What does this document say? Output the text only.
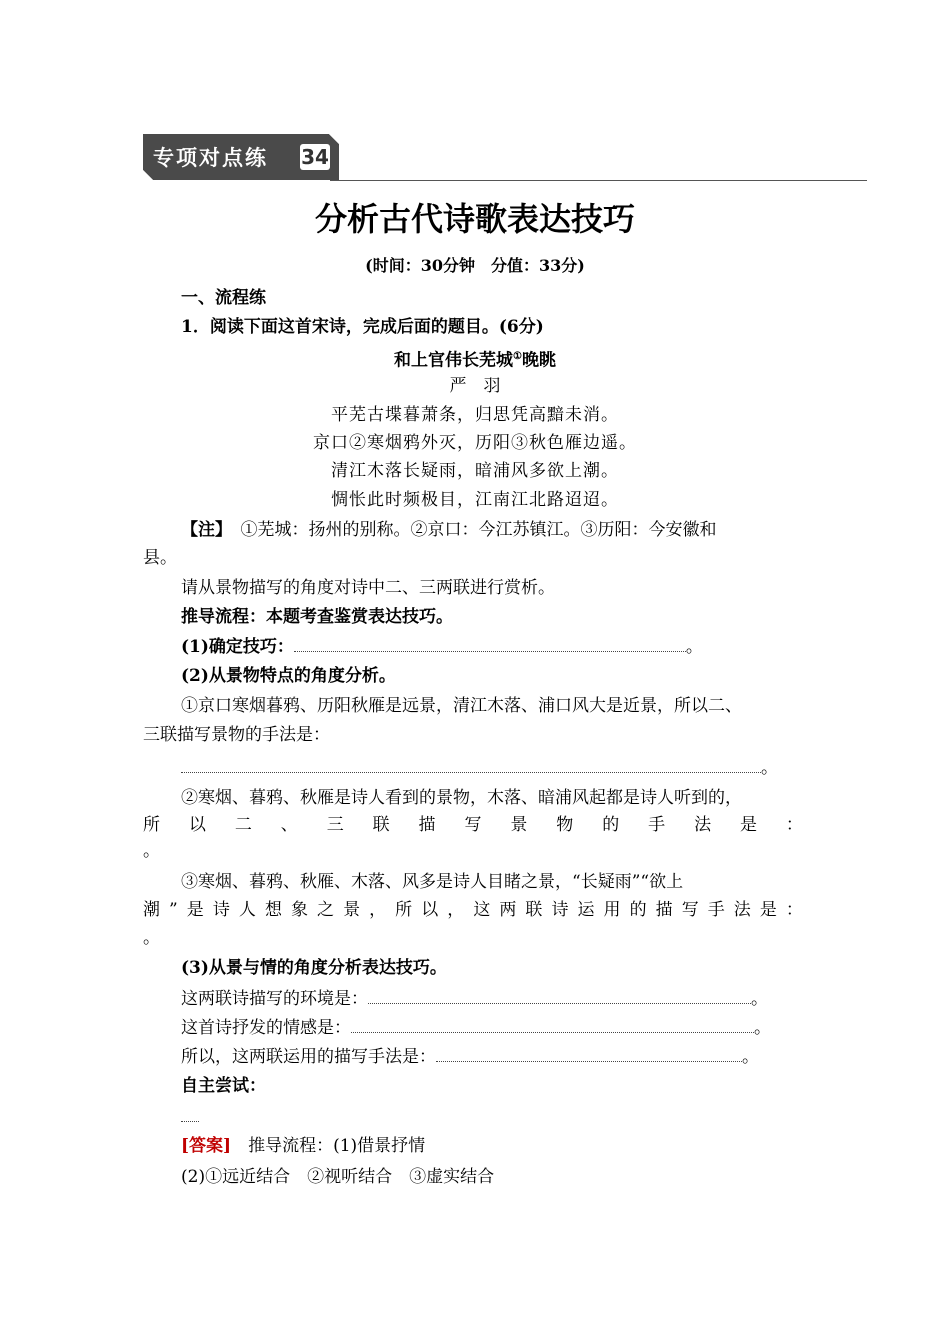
专项对点练 34
分析古代诗歌表达技巧
(时间：30分钟　分值：33分)
一、流程练
1．阅读下面这首宋诗，完成后面的题目。(6分)
和上官伟长芜城①晚眺
严　羽
平芜古堞暮萧条，归思凭高黯未消。
京口②寒烟鸦外灭，历阳③秋色雁边遥。
清江木落长疑雨，暗浦风多欲上潮。
惆怅此时频极目，江南江北路迢迢。
【注】　①芜城：扬州的别称。②京口：今江苏镇江。③历阳：今安徽和
县。
请从景物描写的角度对诗中二、三两联进行赏析。
推导流程：本题考查鉴赏表达技巧。
(1)确定技巧：	。
(2)从景物特点的角度分析。
①京口寒烟暮鸦、历阳秋雁是远景，清江木落、浦口风大是近景，所以二、
三联描写景物的手法是：
。
②寒烟、暮鸦、秋雁是诗人看到的景物，木落、暗浦风起都是诗人听到的，
所 以 二 、 三 联 描 写 景 物 的 手 法 是 ：
。
③寒烟、暮鸦、秋雁、木落、风多是诗人目睹之景，“长疑雨”“欲上
潮 ” 是 诗 人 想 象 之 景 ， 所 以 ， 这 两 联 诗 运 用 的 描 写 手 法 是 ：
。
(3)从景与情的角度分析表达技巧。
这两联诗描写的环境是：	。
这首诗抒发的情感是：	。
所以，这两联运用的描写手法是：	。
自主尝试：
[答案]　推导流程：(1)借景抒情
(2)①远近结合　②视听结合　③虚实结合
